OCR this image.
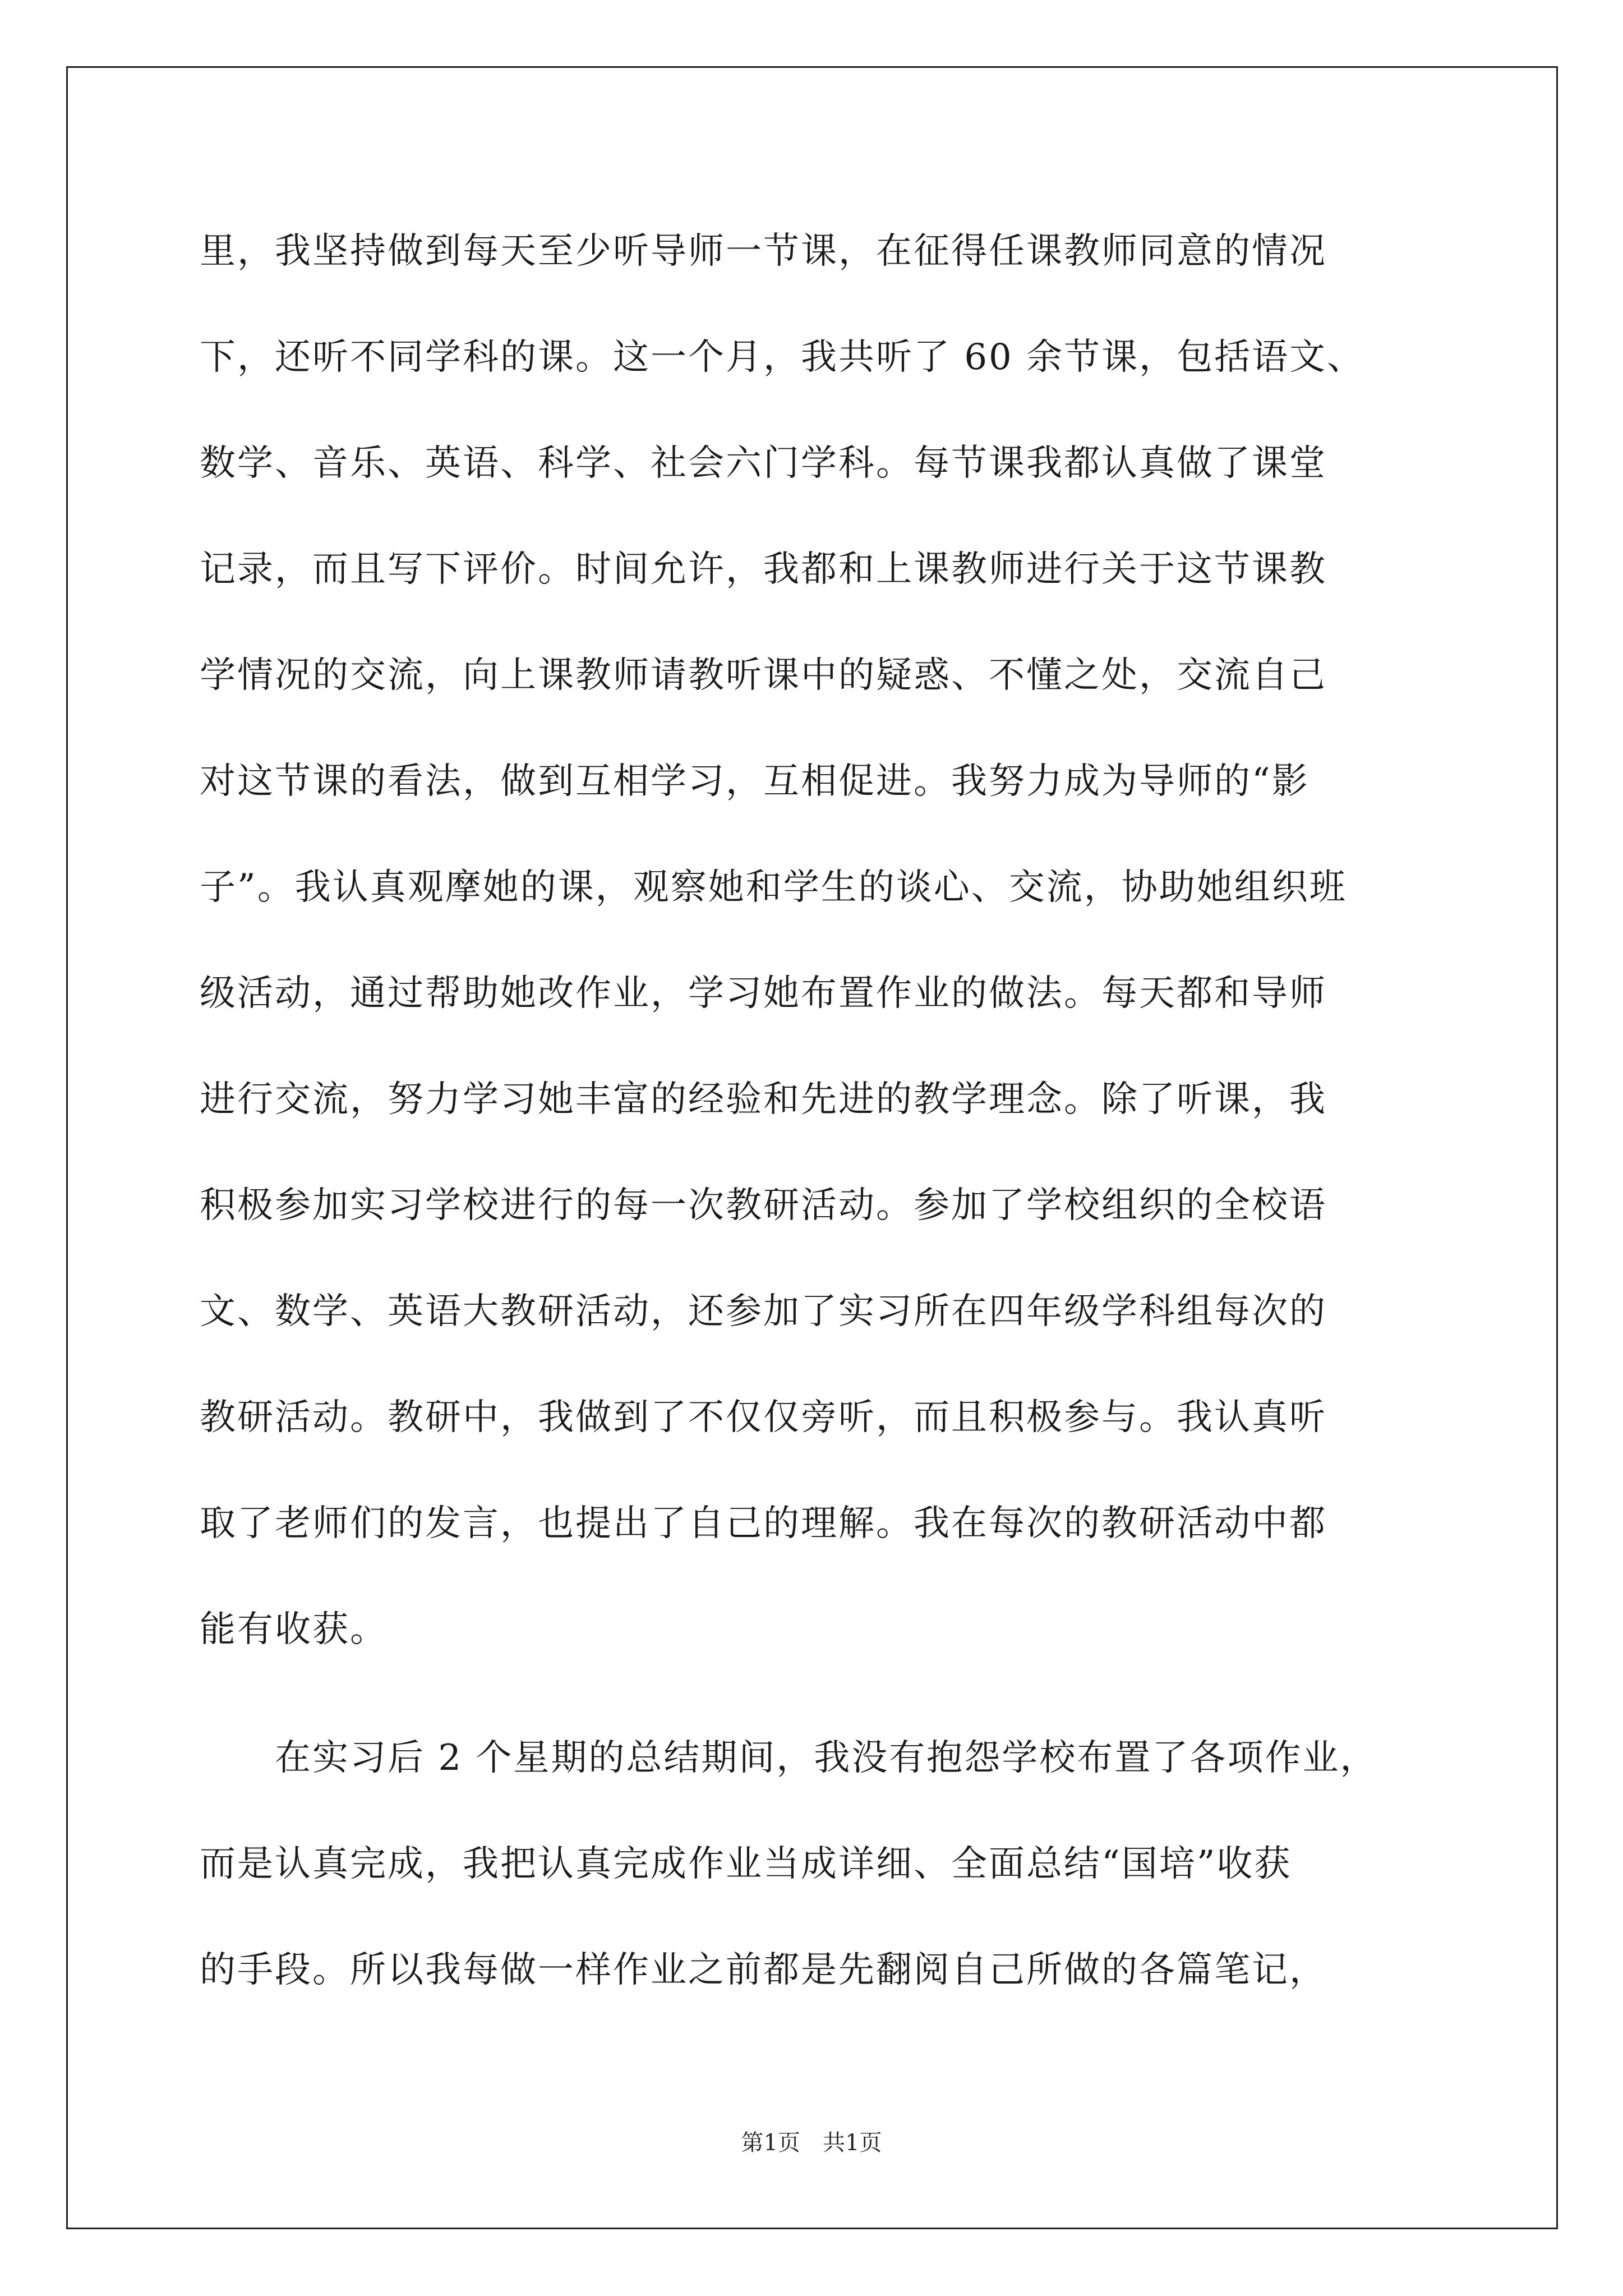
里，我坚持做到每天至少听导师一节课，在征得任课教师同意的情况
下，还听不同学科的课。这一个月，我共听了 60 余节课，包括语文、
数学、音乐、英语、科学、社会六门学科。每节课我都认真做了课堂
记录，而且写下评价。时间允许，我都和上课教师进行关于这节课教
学情况的交流，向上课教师请教听课中的疑惑、不懂之处，交流自己
对这节课的看法，做到互相学习，互相促进。我努力成为导师的“影
子”。我认真观摩她的课，观察她和学生的谈心、交流，协助她组织班
级活动，通过帮助她改作业，学习她布置作业的做法。每天都和导师
进行交流，努力学习她丰富的经验和先进的教学理念。除了听课，我
积极参加实习学校进行的每一次教研活动。参加了学校组织的全校语
文、数学、英语大教研活动，还参加了实习所在四年级学科组每次的
教研活动。教研中，我做到了不仅仅旁听，而且积极参与。我认真听
取了老师们的发言，也提出了自己的理解。我在每次的教研活动中都
能有收获。
　　在实习后 2 个星期的总结期间，我没有抱怨学校布置了各项作业，
而是认真完成，我把认真完成作业当成详细、全面总结“国培”收获
的手段。所以我每做一样作业之前都是先翻阅自己所做的各篇笔记，
第1页　共1页
